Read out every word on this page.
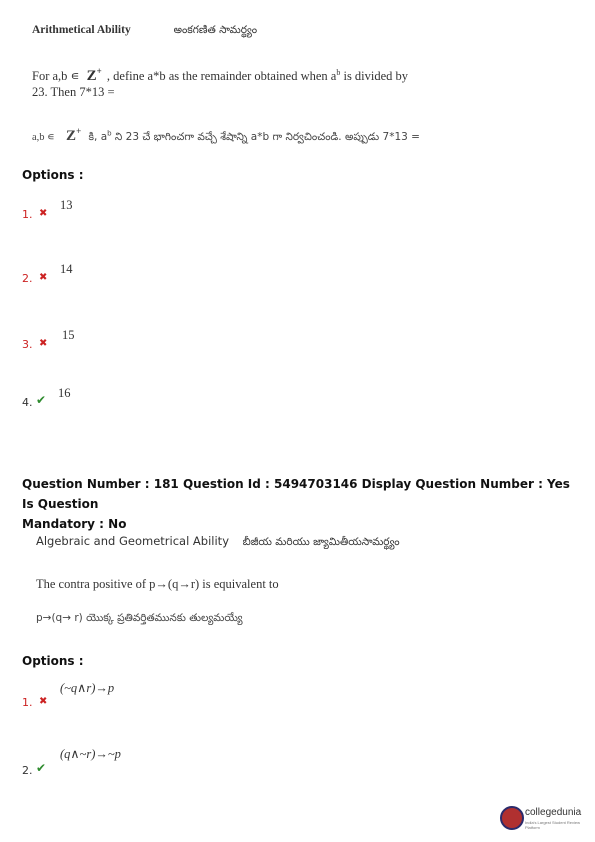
Arithmetical Ability	అంకగణిత సామర్థ్యం
For a,b ∊ Z+ , define a*b as the remainder obtained when $a^b$ is divided by
23. Then 7*13 =
a,b ∊ Z+ కి, $a^b$ ని 23 చే భాగించగా వచ్చే శేషాన్ని a*b గా నిర్వచించండి. అప్పుడు 7*13 =
Options :
1. ✖
13
2. ✖
14
3. ✖
15
4. ✔ 16
Question Number : 181 Question Id : 5494703146 Display Question Number : Yes Is Question
Mandatory : No
Algebraic and Geometrical Ability బీజీయ మరియు జ్యామితీయసామర్థ్యం
The contra positive of p→(q→r) is equivalent to
p→(q→ r) యొక్క ప్రతివర్తితమునకు తుల్యమయ్యే
Options :
1. ✖
(~q∧r)→p
2. ✔
(q∧~r)→~p
collegedunia
India's Largest Student Review Platform
